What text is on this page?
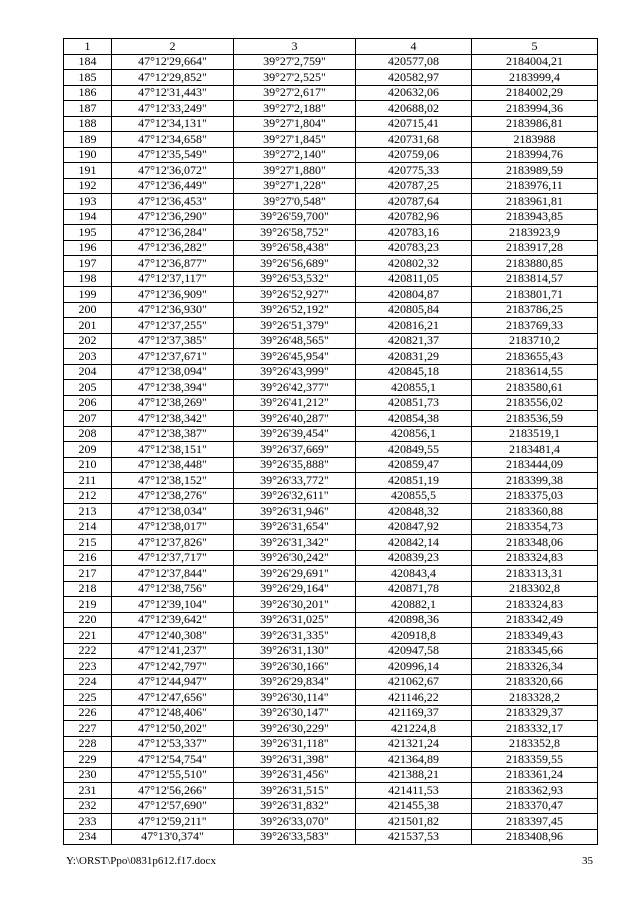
1	2	3	4	5
184	47°12'29,664"	39°27'2,759"	420577,08	2184004,21
185	47°12'29,852"	39°27'2,525"	420582,97	2183999,4
186	47°12'31,443"	39°27'2,617"	420632,06	2184002,29
187	47°12'33,249"	39°27'2,188"	420688,02	2183994,36
188	47°12'34,131"	39°27'1,804"	420715,41	2183986,81
189	47°12'34,658"	39°27'1,845"	420731,68	2183988
190	47°12'35,549"	39°27'2,140"	420759,06	2183994,76
191	47°12'36,072"	39°27'1,880"	420775,33	2183989,59
192	47°12'36,449"	39°27'1,228"	420787,25	2183976,11
193	47°12'36,453"	39°27'0,548"	420787,64	2183961,81
194	47°12'36,290"	39°26'59,700"	420782,96	2183943,85
195	47°12'36,284"	39°26'58,752"	420783,16	2183923,9
196	47°12'36,282"	39°26'58,438"	420783,23	2183917,28
197	47°12'36,877"	39°26'56,689"	420802,32	2183880,85
198	47°12'37,117"	39°26'53,532"	420811,05	2183814,57
199	47°12'36,909"	39°26'52,927"	420804,87	2183801,71
200	47°12'36,930"	39°26'52,192"	420805,84	2183786,25
201	47°12'37,255"	39°26'51,379"	420816,21	2183769,33
202	47°12'37,385"	39°26'48,565"	420821,37	2183710,2
203	47°12'37,671"	39°26'45,954"	420831,29	2183655,43
204	47°12'38,094"	39°26'43,999"	420845,18	2183614,55
205	47°12'38,394"	39°26'42,377"	420855,1	2183580,61
206	47°12'38,269"	39°26'41,212"	420851,73	2183556,02
207	47°12'38,342"	39°26'40,287"	420854,38	2183536,59
208	47°12'38,387"	39°26'39,454"	420856,1	2183519,1
209	47°12'38,151"	39°26'37,669"	420849,55	2183481,4
210	47°12'38,448"	39°26'35,888"	420859,47	2183444,09
211	47°12'38,152"	39°26'33,772"	420851,19	2183399,38
212	47°12'38,276"	39°26'32,611"	420855,5	2183375,03
213	47°12'38,034"	39°26'31,946"	420848,32	2183360,88
214	47°12'38,017"	39°26'31,654"	420847,92	2183354,73
215	47°12'37,826"	39°26'31,342"	420842,14	2183348,06
216	47°12'37,717"	39°26'30,242"	420839,23	2183324,83
217	47°12'37,844"	39°26'29,691"	420843,4	2183313,31
218	47°12'38,756"	39°26'29,164"	420871,78	2183302,8
219	47°12'39,104"	39°26'30,201"	420882,1	2183324,83
220	47°12'39,642"	39°26'31,025"	420898,36	2183342,49
221	47°12'40,308"	39°26'31,335"	420918,8	2183349,43
222	47°12'41,237"	39°26'31,130"	420947,58	2183345,66
223	47°12'42,797"	39°26'30,166"	420996,14	2183326,34
224	47°12'44,947"	39°26'29,834"	421062,67	2183320,66
225	47°12'47,656"	39°26'30,114"	421146,22	2183328,2
226	47°12'48,406"	39°26'30,147"	421169,37	2183329,37
227	47°12'50,202"	39°26'30,229"	421224,8	2183332,17
228	47°12'53,337"	39°26'31,118"	421321,24	2183352,8
229	47°12'54,754"	39°26'31,398"	421364,89	2183359,55
230	47°12'55,510"	39°26'31,456"	421388,21	2183361,24
231	47°12'56,266"	39°26'31,515"	421411,53	2183362,93
232	47°12'57,690"	39°26'31,832"	421455,38	2183370,47
233	47°12'59,211"	39°26'33,070"	421501,82	2183397,45
234	47°13'0,374"	39°26'33,583"	421537,53	2183408,96
Y:\ORST\Ppo\0831p612.f17.docx	35
